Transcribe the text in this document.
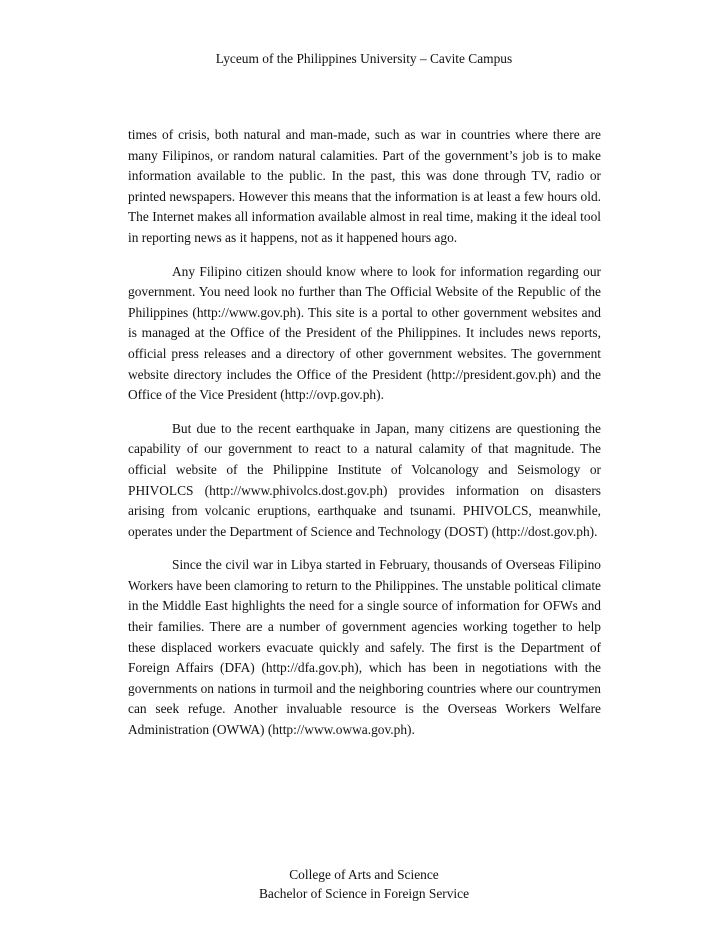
Lyceum of the Philippines University – Cavite Campus

times of crisis, both natural and man-made, such as war in countries where there are many Filipinos, or random natural calamities. Part of the government’s job is to make information available to the public. In the past, this was done through TV, radio or printed newspapers. However this means that the information is at least a few hours old. The Internet makes all information available almost in real time, making it the ideal tool in reporting news as it happens, not as it happened hours ago.

Any Filipino citizen should know where to look for information regarding our government. You need look no further than The Official Website of the Republic of the Philippines (http://www.gov.ph). This site is a portal to other government websites and is managed at the Office of the President of the Philippines. It includes news reports, official press releases and a directory of other government websites. The government website directory includes the Office of the President (http://president.gov.ph) and the Office of the Vice President (http://ovp.gov.ph).

But due to the recent earthquake in Japan, many citizens are questioning the capability of our government to react to a natural calamity of that magnitude. The official website of the Philippine Institute of Volcanology and Seismology or PHIVOLCS (http://www.phivolcs.dost.gov.ph) provides information on disasters arising from volcanic eruptions, earthquake and tsunami. PHIVOLCS, meanwhile, operates under the Department of Science and Technology (DOST) (http://dost.gov.ph).

Since the civil war in Libya started in February, thousands of Overseas Filipino Workers have been clamoring to return to the Philippines. The unstable political climate in the Middle East highlights the need for a single source of information for OFWs and their families. There are a number of government agencies working together to help these displaced workers evacuate quickly and safely. The first is the Department of Foreign Affairs (DFA) (http://dfa.gov.ph), which has been in negotiations with the governments on nations in turmoil and the neighboring countries where our countrymen can seek refuge. Another invaluable resource is the Overseas Workers Welfare Administration (OWWA) (http://www.owwa.gov.ph).

College of Arts and Science
Bachelor of Science in Foreign Service
